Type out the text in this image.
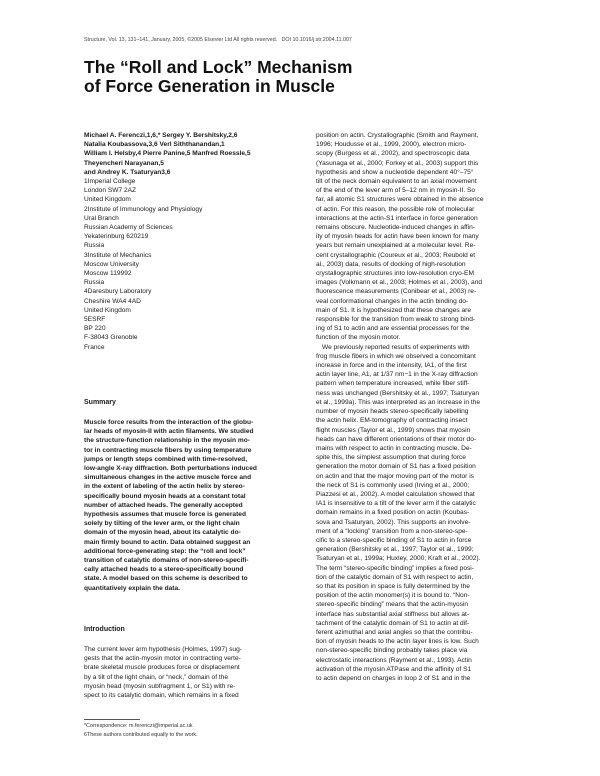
Structure, Vol. 13, 131–141, January, 2005, ©2005 Elsevier Ltd All rights reserved. DOI 10.1016/j.str.2004.11.007
The “Roll and Lock” Mechanism
of Force Generation in Muscle
Michael A. Ferenczi,1,6,* Sergey Y. Bershitsky,2,6
Natalia Koubassova,3,6 Verl Siththanandan,1
William I. Helsby,4 Pierre Panine,5 Manfred Roessle,5
Theyencheri Narayanan,5
and Andrey K. Tsaturyan3,6
1Imperial College
London SW7 2AZ
United Kingdom
2Institute of Immunology and Physiology
Ural Branch
Russian Academy of Sciences
Yekaterinburg 620219
Russia
3Institute of Mechanics
Moscow University
Moscow 119992
Russia
4Daresbury Laboratory
Cheshire WA4 4AD
United Kingdom
5ESRF
BP 220
F-38043 Grenoble
France
Summary
Muscle force results from the interaction of the globu-
lar heads of myosin-II with actin filaments. We studied
the structure-function relationship in the myosin mo-
tor in contracting muscle fibers by using temperature
jumps or length steps combined with time-resolved,
low-angle X-ray diffraction. Both perturbations induced
simultaneous changes in the active muscle force and
in the extent of labeling of the actin helix by stereo-
specifically bound myosin heads at a constant total
number of attached heads. The generally accepted
hypothesis assumes that muscle force is generated
solely by tilting of the lever arm, or the light chain
domain of the myosin head, about its catalytic do-
main firmly bound to actin. Data obtained suggest an
additional force-generating step: the “roll and lock”
transition of catalytic domains of non-stereo-specifi-
cally attached heads to a stereo-specifically bound
state. A model based on this scheme is described to
quantitatively explain the data.
Introduction
The current lever arm hypothesis (Holmes, 1997) sug-
gests that the actin-myosin motor in contracting verte-
brate skeletal muscle produces force or displacement
by a tilt of the light chain, or “neck,” domain of the
myosin head (myosin subfragment 1, or S1) with re-
spect to its catalytic domain, which remains in a fixed
*Correspondence: m.ferenczi@imperial.ac.uk
6These authors contributed equally to the work.
position on actin. Crystallographic (Smith and Rayment,
1996; Houdusse et al., 1999, 2000), electron micro-
scopy (Burgess et al., 2002), and spectroscopic data
(Yasunaga et al., 2000; Forkey et al., 2003) support this
hypothesis and show a nucleotide dependent 40°–75°
tilt of the neck domain equivalent to an axial movement
of the end of the lever arm of 5–12 nm in myosin-II. So
far, all atomic S1 structures were obtained in the absence
of actin. For this reason, the possible role of molecular
interactions at the actin-S1 interface in force generation
remains obscure. Nucleotide-induced changes in affin-
ity of myosin heads for actin have been known for many
years but remain unexplained at a molecular level. Re-
cent crystallographic (Coureux et al., 2003; Reubold et
al., 2003) data, results of docking of high-resolution
crystallographic structures into low-resolution cryo-EM
images (Volkmann et al., 2003; Holmes et al., 2003), and
fluorescence measurements (Conibear et al., 2003) re-
veal conformational changes in the actin binding do-
main of S1. It is hypothesized that these changes are
responsible for the transition from weak to strong bind-
ing of S1 to actin and are essential processes for the
function of the myosin motor.
We previously reported results of experiments with
frog muscle fibers in which we observed a concomitant
increase in force and in the intensity, IA1, of the first
actin layer line, A1, at 1/37 nm−1 in the X-ray diffraction
pattern when temperature increased, while fiber stiff-
ness was unchanged (Bershitsky et al., 1997; Tsaturyan
et al., 1999a). This was interpreted as an increase in the
number of myosin heads stereo-specifically labelling
the actin helix. EM-tomography of contracting insect
flight muscles (Taylor et al., 1999) shows that myosin
heads can have different orientations of their motor do-
mains with respect to actin in contracting muscle. De-
spite this, the simplest assumption that during force
generation the motor domain of S1 has a fixed position
on actin and that the major moving part of the motor is
the neck of S1 is commonly used (Irving et al., 2000;
Piazzesi et al., 2002). A model calculation showed that
IA1 is insensitive to a tilt of the lever arm if the catalytic
domain remains in a fixed position on actin (Koubas-
sova and Tsaturyan, 2002). This supports an involve-
ment of a “locking” transition from a non-stereo-spe-
cific to a stereo-specific binding of S1 to actin in force
generation (Bershitsky et al., 1997; Taylor et al., 1999;
Tsaturyan et al., 1999a; Huxley, 2000; Kraft et al., 2002).
The term “stereo-specific binding” implies a fixed posi-
tion of the catalytic domain of S1 with respect to actin,
so that its position in space is fully determined by the
position of the actin monomer(s) it is bound to. “Non-
stereo-specific binding” means that the actin-myosin
interface has substantial axial stiffness but allows at-
tachment of the catalytic domain of S1 to actin at dif-
ferent azimuthal and axial angles so that the contribu-
tion of myosin heads to the actin layer lines is low. Such
non-stereo-specific binding probably takes place via
electrostatic interactions (Rayment et al., 1993). Actin
activation of the myosin ATPase and the affinity of S1
to actin depend on charges in loop 2 of S1 and in the
